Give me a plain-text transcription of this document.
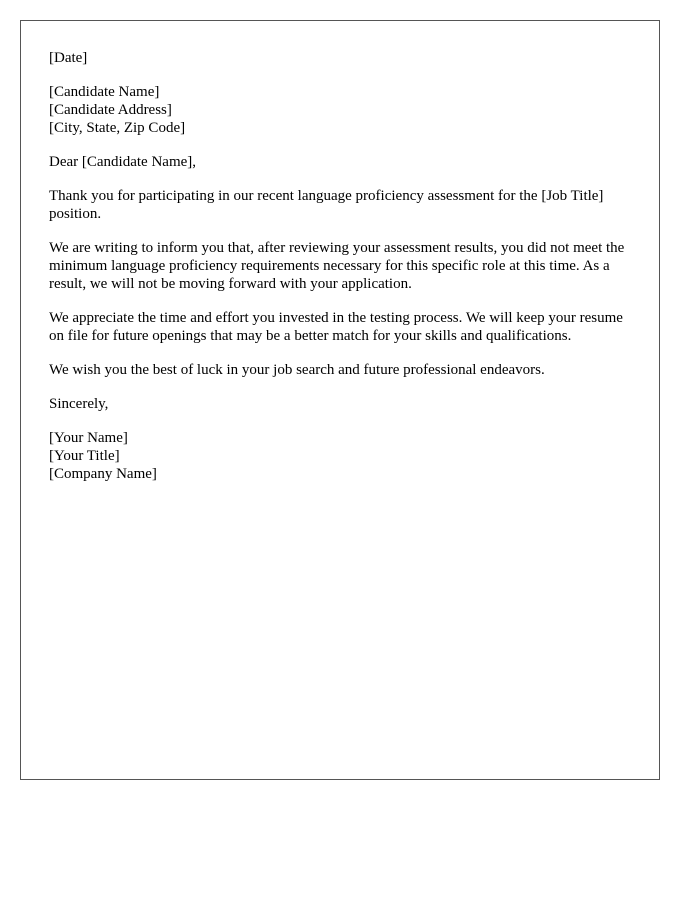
[Date]
[Candidate Name]
[Candidate Address]
[City, State, Zip Code]
Dear [Candidate Name],

Thank you for participating in our recent language proficiency assessment for the [Job Title] position.

We are writing to inform you that, after reviewing your assessment results, you did not meet the minimum language proficiency requirements necessary for this specific role at this time. As a result, we will not be moving forward with your application.

We appreciate the time and effort you invested in the testing process. We will keep your resume on file for future openings that may be a better match for your skills and qualifications.

We wish you the best of luck in your job search and future professional endeavors.

Sincerely,
[Your Name]
[Your Title]
[Company Name]
